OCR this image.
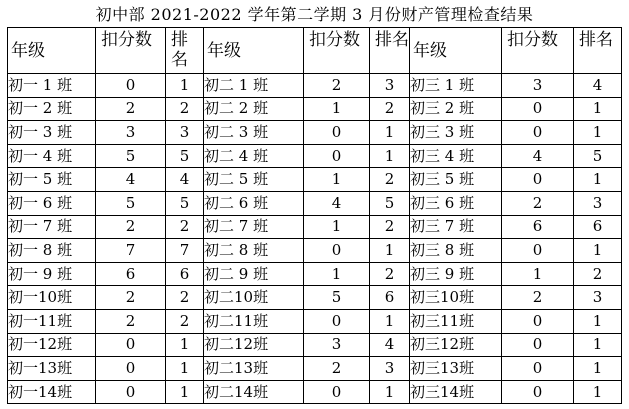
初中部 2021-2022 学年第二学期 3 月份财产管理检查结果
年级	扣分数	排名	年级	扣分数	排名	年级	扣分数	排名
初一 1 班	0	1	初二 1 班	2	3	初三 1 班	3	4
初一 2 班	2	2	初二 2 班	1	2	初三 2 班	0	1
初一 3 班	3	3	初二 3 班	0	1	初三 3 班	0	1
初一 4 班	5	5	初二 4 班	0	1	初三 4 班	4	5
初一 5 班	4	4	初二 5 班	1	2	初三 5 班	0	1
初一 6 班	5	5	初二 6 班	4	5	初三 6 班	2	3
初一 7 班	2	2	初二 7 班	1	2	初三 7 班	6	6
初一 8 班	7	7	初二 8 班	0	1	初三 8 班	0	1
初一 9 班	6	6	初二 9 班	1	2	初三 9 班	1	2
初一10班	2	2	初二10班	5	6	初三10班	2	3
初一11班	2	2	初二11班	0	1	初三11班	0	1
初一12班	0	1	初二12班	3	4	初三12班	0	1
初一13班	0	1	初二13班	2	3	初三13班	0	1
初一14班	0	1	初二14班	0	1	初三14班	0	1
